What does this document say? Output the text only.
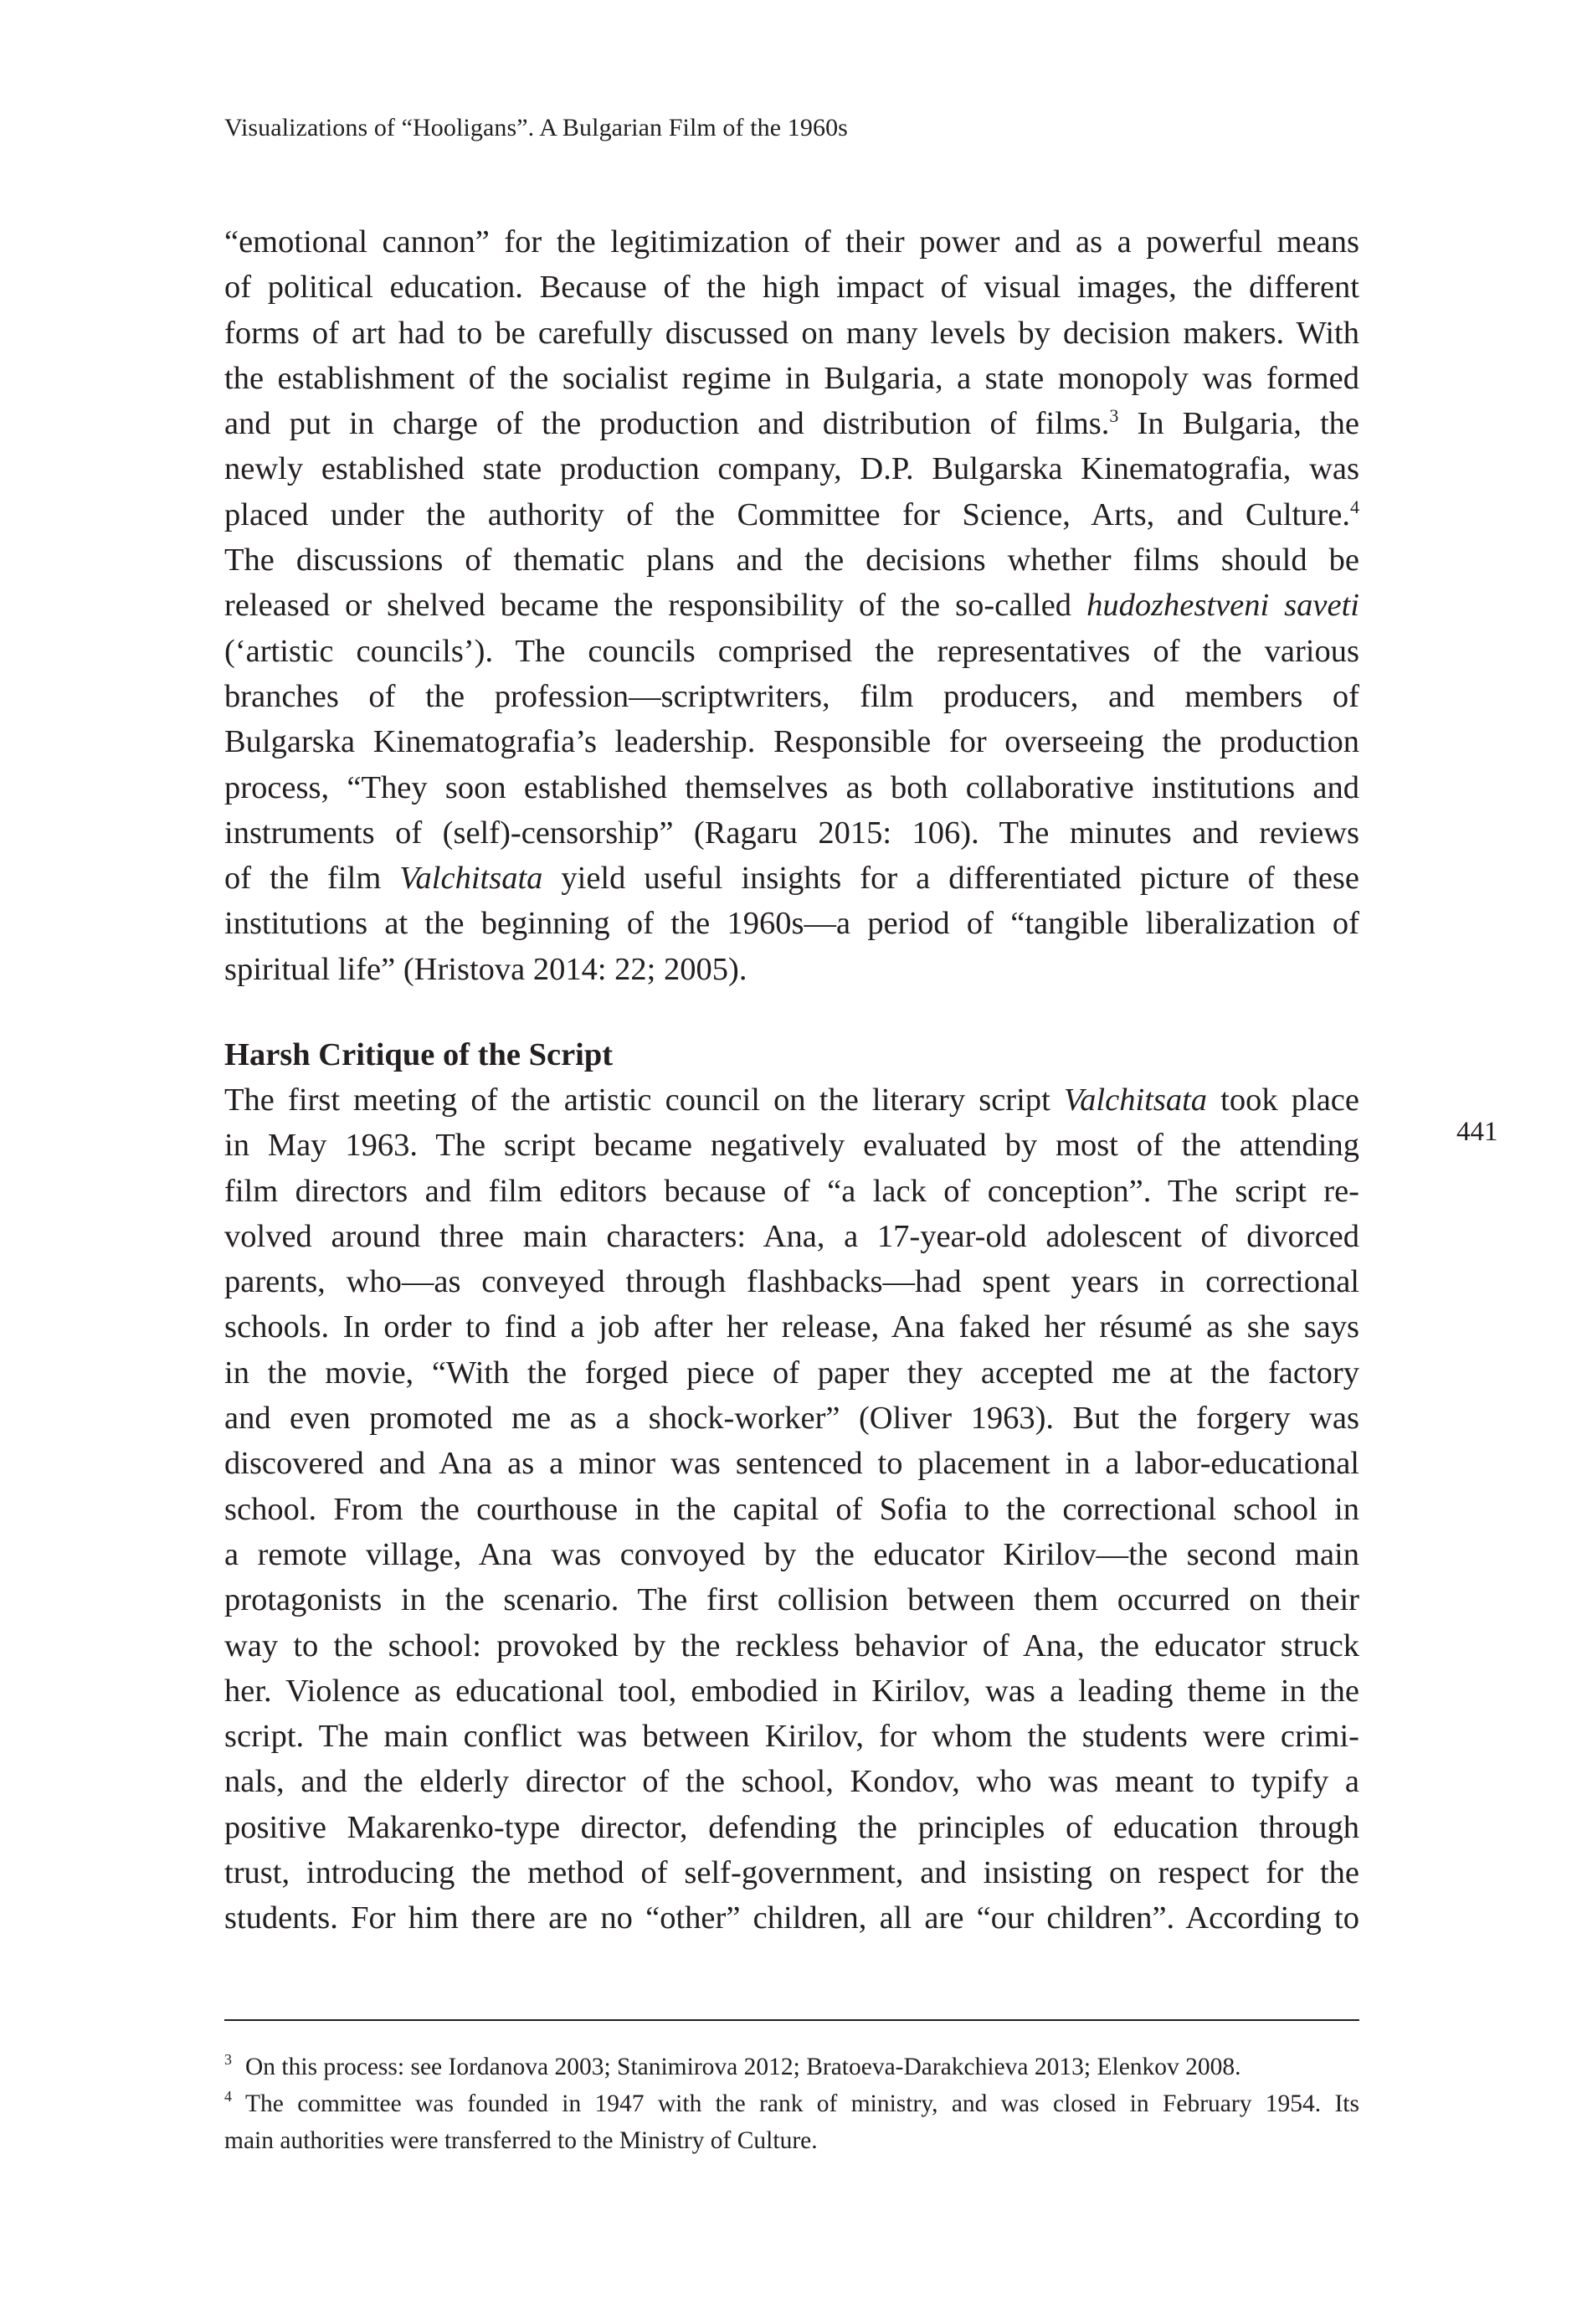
Visualizations of “Hooligans”. A Bulgarian Film of the 1960s
“emotional cannon” for the legitimization of their power and as a powerful means
of political education. Because of the high impact of visual images, the different
forms of art had to be carefully discussed on many levels by decision makers. With
the establishment of the socialist regime in Bulgaria, a state monopoly was formed
and put in charge of the production and distribution of films.$^3$ In Bulgaria, the
newly established state production company, D.P. Bulgarska Kinematografia, was
placed under the authority of the Committee for Science, Arts, and Culture.$^4$
The discussions of thematic plans and the decisions whether films should be
released or shelved became the responsibility of the so-called hudozhestveni saveti
(‘artistic councils’). The councils comprised the representatives of the various
branches of the profession—scriptwriters, film producers, and members of
Bulgarska Kinematografia’s leadership. Responsible for overseeing the production
process, “They soon established themselves as both collaborative institutions and
instruments of (self)-censorship” (Ragaru 2015: 106). The minutes and reviews
of the film Valchitsata yield useful insights for a differentiated picture of these
institutions at the beginning of the 1960s—a period of “tangible liberalization of
spiritual life” (Hristova 2014: 22; 2005).
Harsh Critique of the Script
441
The first meeting of the artistic council on the literary script Valchitsata took place
in May 1963. The script became negatively evaluated by most of the attending
film directors and film editors because of “a lack of conception”. The script re-
volved around three main characters: Ana, a 17-year-old adolescent of divorced
parents, who—as conveyed through flashbacks—had spent years in correctional
schools. In order to find a job after her release, Ana faked her résumé as she says
in the movie, “With the forged piece of paper they accepted me at the factory
and even promoted me as a shock-worker” (Oliver 1963). But the forgery was
discovered and Ana as a minor was sentenced to placement in a labor-educational
school. From the courthouse in the capital of Sofia to the correctional school in
a remote village, Ana was convoyed by the educator Kirilov—the second main
protagonists in the scenario. The first collision between them occurred on their
way to the school: provoked by the reckless behavior of Ana, the educator struck
her. Violence as educational tool, embodied in Kirilov, was a leading theme in the
script. The main conflict was between Kirilov, for whom the students were crimi-
nals, and the elderly director of the school, Kondov, who was meant to typify a
positive Makarenko-type director, defending the principles of education through
trust, introducing the method of self-government, and insisting on respect for the
students. For him there are no “other” children, all are “our children”. According to
$^3$ On this process: see Iordanova 2003; Stanimirova 2012; Bratoeva-Darakchieva 2013; Elenkov 2008.
$^4$ The committee was founded in 1947 with the rank of ministry, and was closed in February 1954. Its
main authorities were transferred to the Ministry of Culture.
